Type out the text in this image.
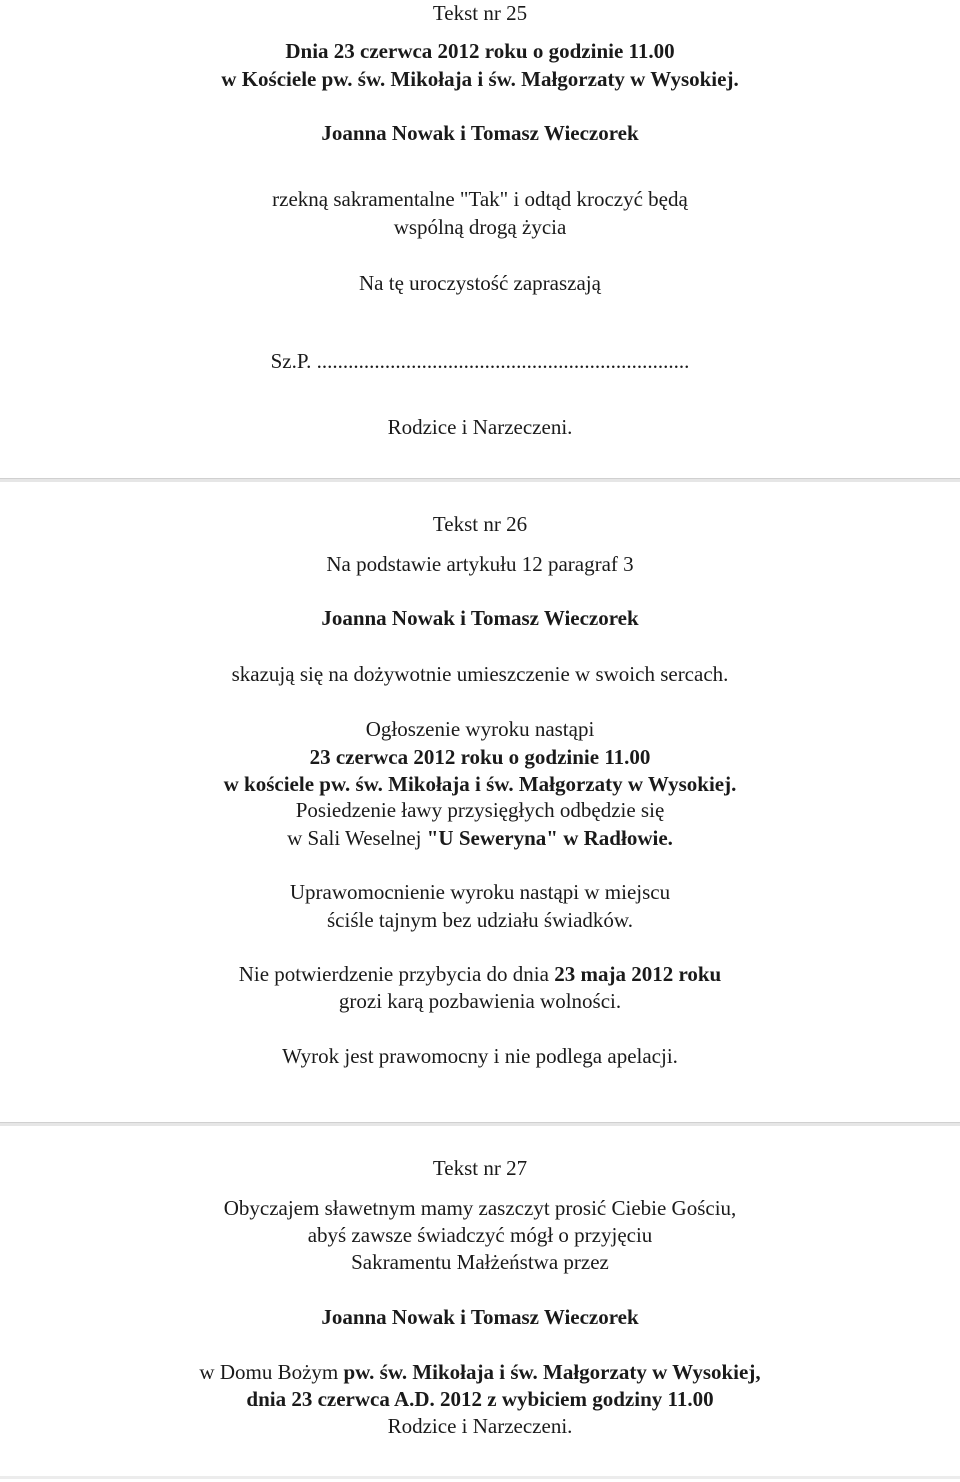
Tekst nr 25
Dnia 23 czerwca 2012 roku o godzinie 11.00
w Kościele pw. św. Mikołaja i św. Małgorzaty w Wysokiej.
Joanna Nowak i Tomasz Wieczorek
rzekną sakramentalne "Tak" i odtąd kroczyć będą
wspólną drogą życia
Na tę uroczystość zapraszają
Sz.P. .......................................................................
Rodzice i Narzeczeni.
Tekst nr 26
Na podstawie artykułu 12 paragraf 3
Joanna Nowak i Tomasz Wieczorek
skazują się na dożywotnie umieszczenie w swoich sercach.
Ogłoszenie wyroku nastąpi
23 czerwca 2012 roku o godzinie 11.00
w kościele pw. św. Mikołaja i św. Małgorzaty w Wysokiej.
Posiedzenie ławy przysięgłych odbędzie się
w Sali Weselnej "U Seweryna" w Radłowie.
Uprawomocnienie wyroku nastąpi w miejscu
ściśle tajnym bez udziału świadków.
Nie potwierdzenie przybycia do dnia 23 maja 2012 roku
grozi karą pozbawienia wolności.
Wyrok jest prawomocny i nie podlega apelacji.
Tekst nr 27
Obyczajem sławetnym mamy zaszczyt prosić Ciebie Gościu,
abyś zawsze świadczyć mógł o przyjęciu
Sakramentu Małżeństwa przez
Joanna Nowak i Tomasz Wieczorek
w Domu Bożym pw. św. Mikołaja i św. Małgorzaty w Wysokiej,
dnia 23 czerwca A.D. 2012 z wybiciem godziny 11.00
Rodzice i Narzeczeni.
